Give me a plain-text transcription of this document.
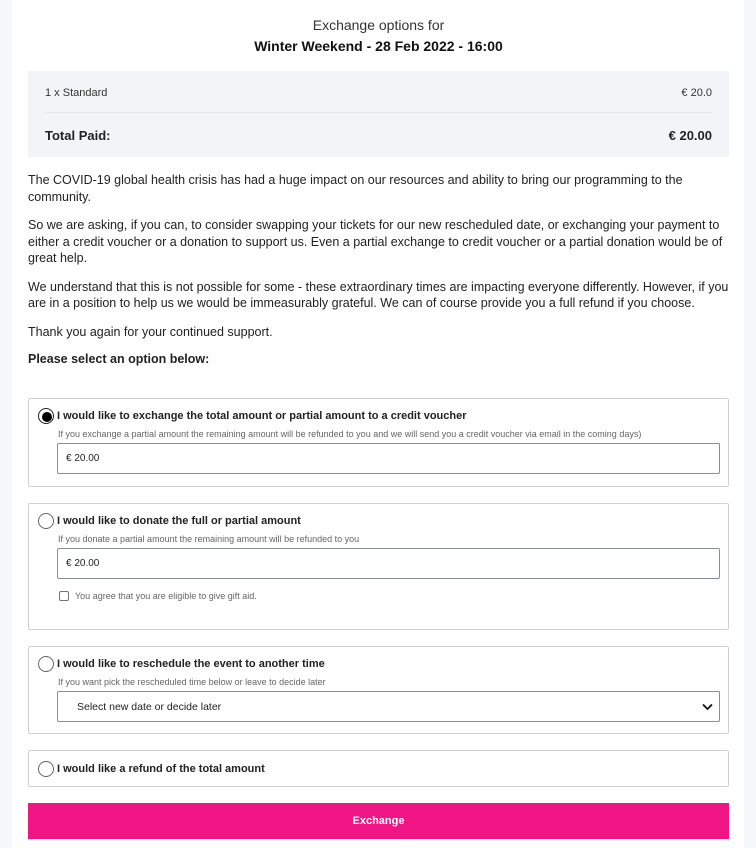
Exchange options for
Winter Weekend - 28 Feb 2022 - 16:00
1 x Standard	€ 20.0
Total Paid:	€ 20.00

The COVID-19 global health crisis has had a huge impact on our resources and ability to bring our programming to the community.

So we are asking, if you can, to consider swapping your tickets for our new rescheduled date, or exchanging your payment to either a credit voucher or a donation to support us. Even a partial exchange to credit voucher or a partial donation would be of great help.

We understand that this is not possible for some - these extraordinary times are impacting everyone differently. However, if you are in a position to help us we would be immeasurably grateful. We can of course provide you a full refund if you choose.

Thank you again for your continued support.

Please select an option below:
I would like to exchange the total amount or partial amount to a credit voucher
If you exchange a partial amount the remaining amount will be refunded to you and we will send you a credit voucher via email in the coming days)
€ 20.00
I would like to donate the full or partial amount
If you donate a partial amount the remaining amount will be refunded to you
€ 20.00
You agree that you are eligible to give gift aid.
I would like to reschedule the event to another time
If you want pick the rescheduled time below or leave to decide later
Select new date or decide later
I would like a refund of the total amount
Exchange
